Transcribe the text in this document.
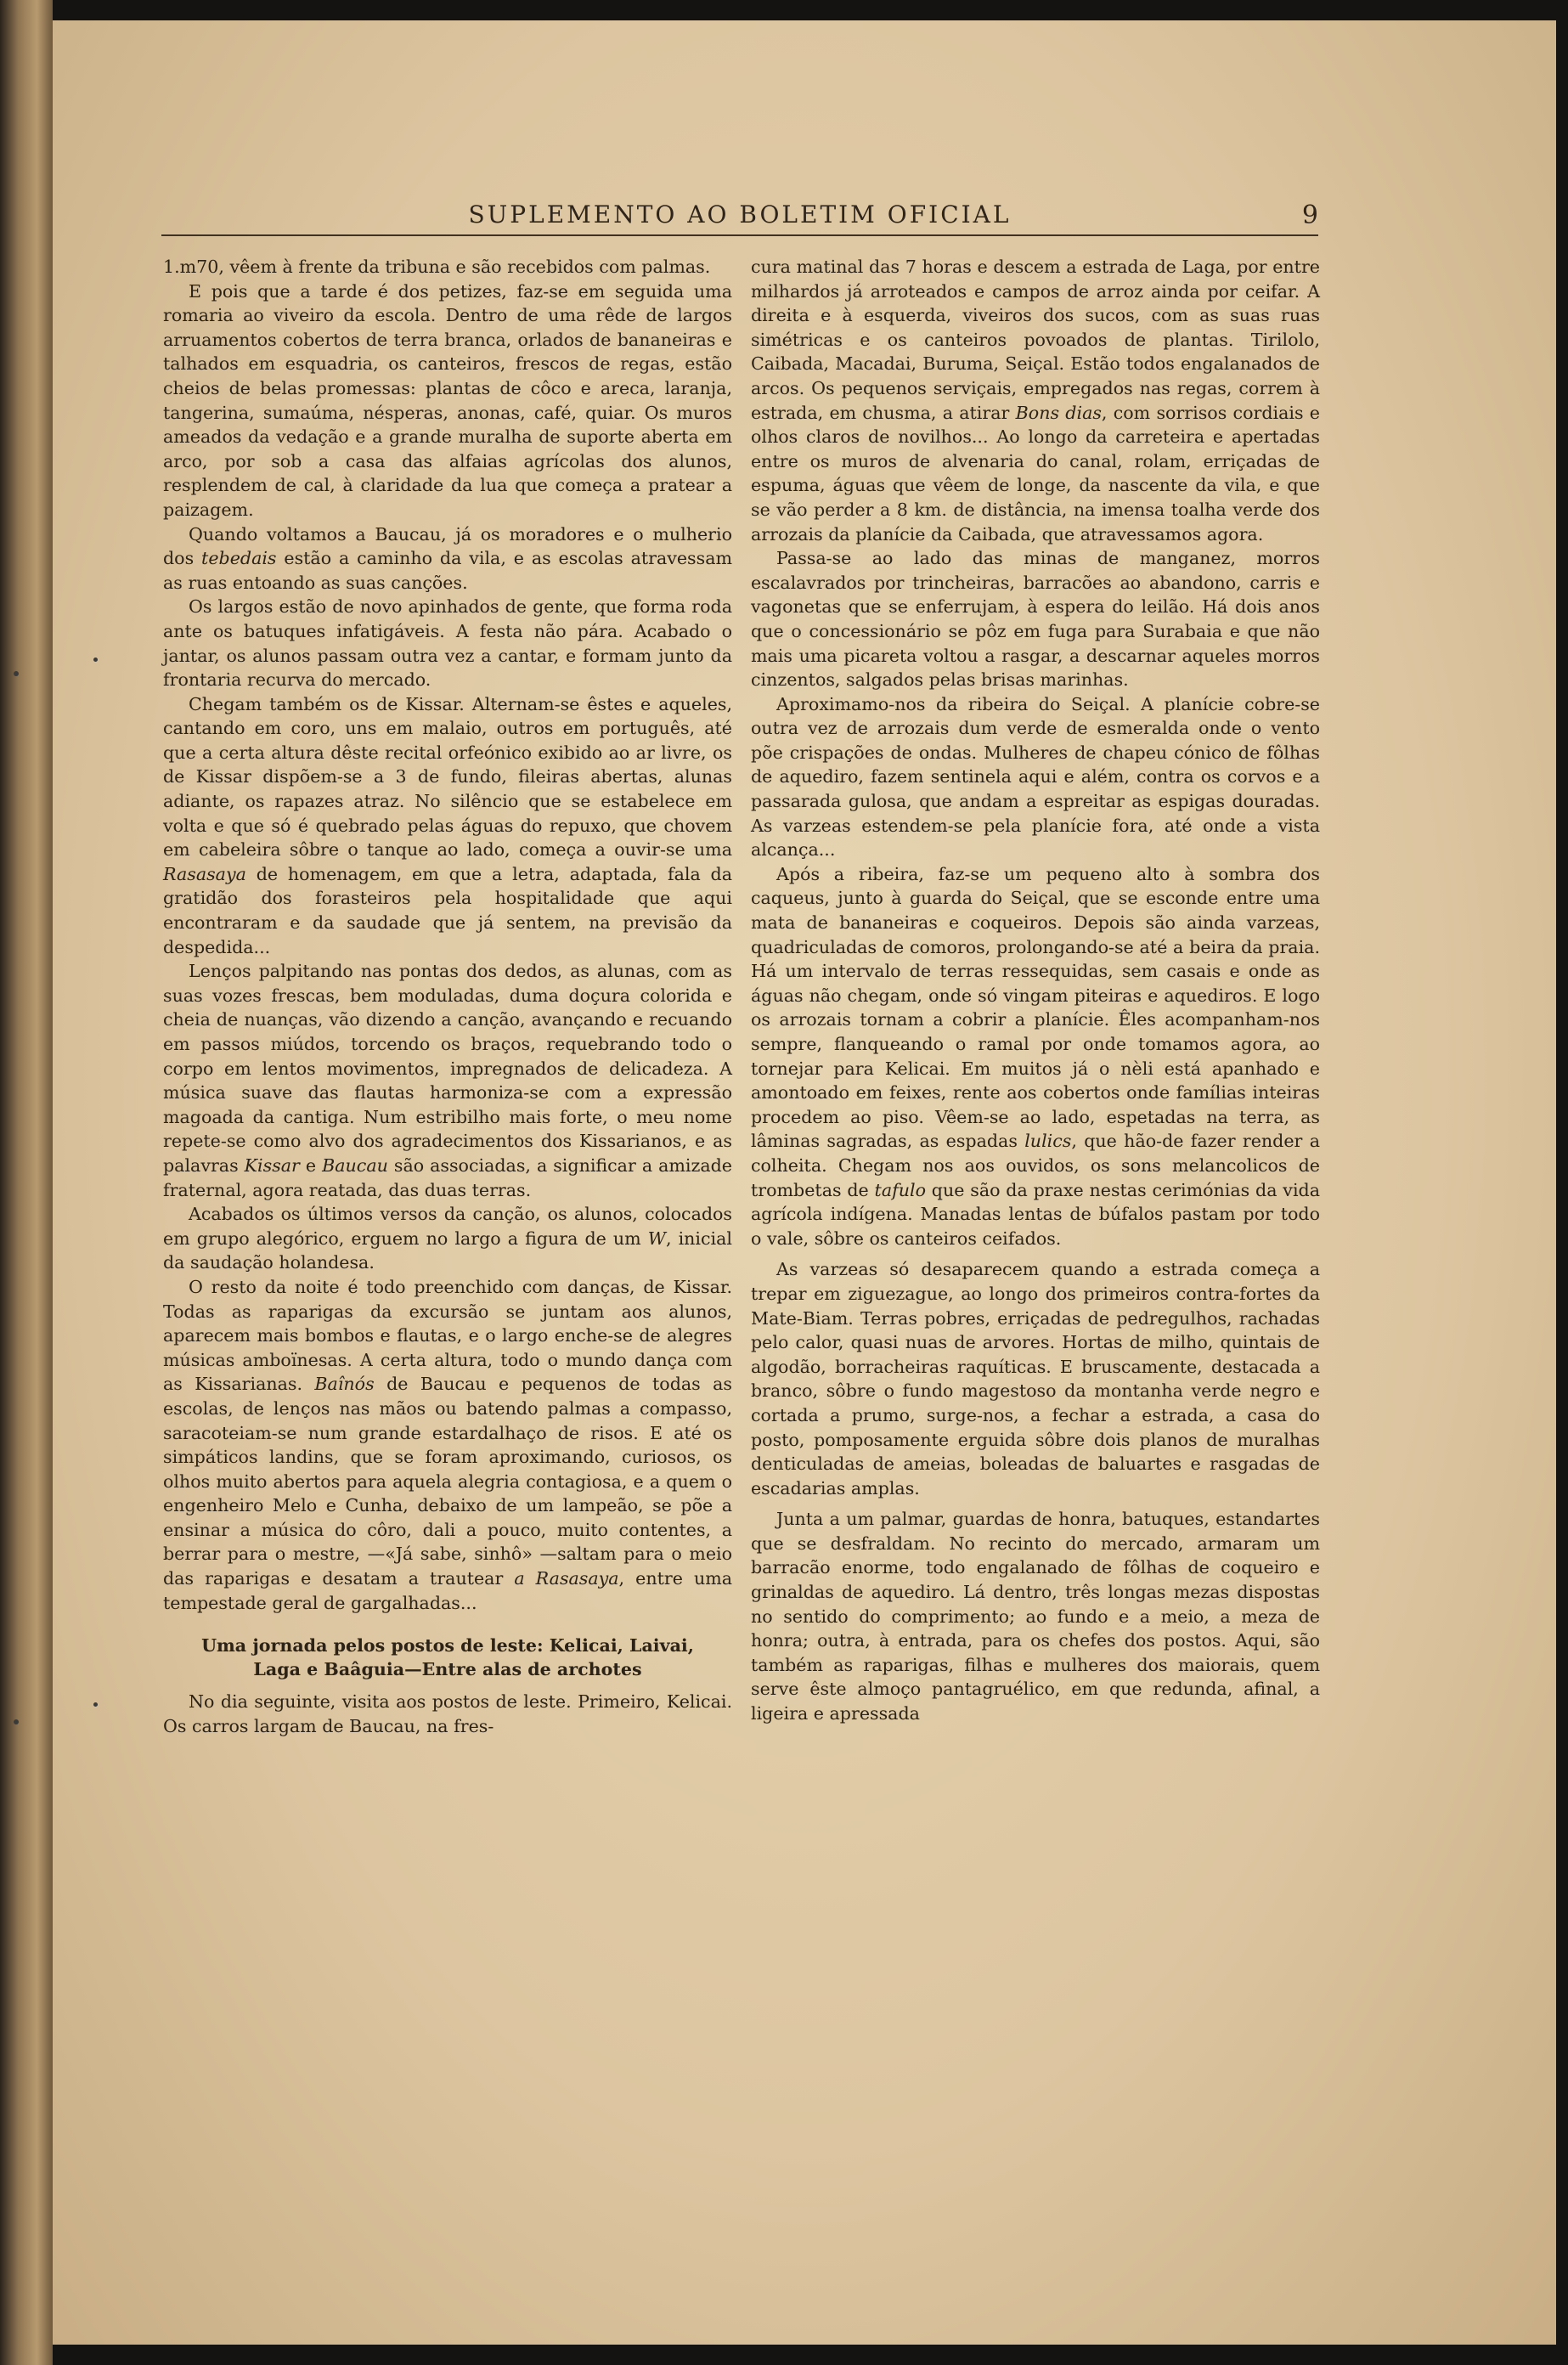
SUPLEMENTO AO BOLETIM OFICIAL	9

1.m70, vêem à frente da tribuna e são recebidos com palmas.

E pois que a tarde é dos petizes, faz-se em seguida uma romaria ao viveiro da escola. Dentro de uma rêde de largos arruamentos cobertos de terra branca, orlados de bananeiras e talhados em esquadria, os canteiros, frescos de regas, estão cheios de belas promessas: plantas de côco e areca, laranja, tangerina, sumaúma, nésperas, anonas, café, quiar. Os muros ameados da vedação e a grande muralha de suporte aberta em arco, por sob a casa das alfaias agrícolas dos alunos, resplendem de cal, à claridade da lua que começa a pratear a paizagem.

Quando voltamos a Baucau, já os moradores e o mulherio dos tebedais estão a caminho da vila, e as escolas atravessam as ruas entoando as suas canções.

Os largos estão de novo apinhados de gente, que forma roda ante os batuques infatigáveis. A festa não pára. Acabado o jantar, os alunos passam outra vez a cantar, e formam junto da frontaria recurva do mercado.

Chegam também os de Kissar. Alternam-se êstes e aqueles, cantando em coro, uns em malaio, outros em português, até que a certa altura dêste recital orfeónico exibido ao ar livre, os de Kissar dispõem-se a 3 de fundo, fileiras abertas, alunas adiante, os rapazes atraz. No silêncio que se estabelece em volta e que só é quebrado pelas águas do repuxo, que chovem em cabeleira sôbre o tanque ao lado, começa a ouvir-se uma Rasasaya de homenagem, em que a letra, adaptada, fala da gratidão dos forasteiros pela hospitalidade que aqui encontraram e da saudade que já sentem, na previsão da despedida...

Lenços palpitando nas pontas dos dedos, as alunas, com as suas vozes frescas, bem moduladas, duma doçura colorida e cheia de nuanças, vão dizendo a canção, avançando e recuando em passos miúdos, torcendo os braços, requebrando todo o corpo em lentos movimentos, impregnados de delicadeza. A música suave das flautas harmoniza-se com a expressão magoada da cantiga. Num estribilho mais forte, o meu nome repete-se como alvo dos agradecimentos dos Kissarianos, e as palavras Kissar e Baucau são associadas, a significar a amizade fraternal, agora reatada, das duas terras.

Acabados os últimos versos da canção, os alunos, colocados em grupo alegórico, erguem no largo a figura de um W, inicial da saudação holandesa.

O resto da noite é todo preenchido com danças, de Kissar. Todas as raparigas da excursão se juntam aos alunos, aparecem mais bombos e flautas, e o largo enche-se de alegres músicas amboïnesas. A certa altura, todo o mundo dança com as Kissarianas. Baînós de Baucau e pequenos de todas as escolas, de lenços nas mãos ou batendo palmas a compasso, saracoteiam-se num grande estardalhaço de risos. E até os simpáticos landins, que se foram aproximando, curiosos, os olhos muito abertos para aquela alegria contagiosa, e a quem o engenheiro Melo e Cunha, debaixo de um lampeão, se põe a ensinar a música do côro, dali a pouco, muito contentes, a berrar para o mestre, —«Já sabe, sinhô» —saltam para o meio das raparigas e desatam a trautear a Rasasaya, entre uma tempestade geral de gargalhadas...

Uma jornada pelos postos de leste: Kelicai, Laivai, Laga e Baâguia—Entre alas de archotes

No dia seguinte, visita aos postos de leste. Primeiro, Kelicai. Os carros largam de Baucau, na fres-

cura matinal das 7 horas e descem a estrada de Laga, por entre milhardos já arroteados e campos de arroz ainda por ceifar. A direita e à esquerda, viveiros dos sucos, com as suas ruas simétricas e os canteiros povoados de plantas. Tirilolo, Caibada, Macadai, Buruma, Seiçal. Estão todos engalanados de arcos. Os pequenos serviçais, empregados nas regas, correm à estrada, em chusma, a atirar Bons dias, com sorrisos cordiais e olhos claros de novilhos... Ao longo da carreteira e apertadas entre os muros de alvenaria do canal, rolam, erriçadas de espuma, águas que vêem de longe, da nascente da vila, e que se vão perder a 8 km. de distância, na imensa toalha verde dos arrozais da planície da Caibada, que atravessamos agora.

Passa-se ao lado das minas de manganez, morros escalavrados por trincheiras, barracões ao abandono, carris e vagonetas que se enferrujam, à espera do leilão. Há dois anos que o concessionário se pôz em fuga para Surabaia e que não mais uma picareta voltou a rasgar, a descarnar aqueles morros cinzentos, salgados pelas brisas marinhas.

Aproximamo-nos da ribeira do Seiçal. A planície cobre-se outra vez de arrozais dum verde de esmeralda onde o vento põe crispações de ondas. Mulheres de chapeu cónico de fôlhas de aquediro, fazem sentinela aqui e além, contra os corvos e a passarada gulosa, que andam a espreitar as espigas douradas. As varzeas estendem-se pela planície fora, até onde a vista alcança...

Após a ribeira, faz-se um pequeno alto à sombra dos caqueus, junto à guarda do Seiçal, que se esconde entre uma mata de bananeiras e coqueiros. Depois são ainda varzeas, quadriculadas de comoros, prolongando-se até a beira da praia. Há um intervalo de terras ressequidas, sem casais e onde as águas não chegam, onde só vingam piteiras e aquediros. E logo os arrozais tornam a cobrir a planície. Êles acompanham-nos sempre, flanqueando o ramal por onde tomamos agora, ao tornejar para Kelicai. Em muitos já o nèli está apanhado e amontoado em feixes, rente aos cobertos onde famílias inteiras procedem ao piso. Vêem-se ao lado, espetadas na terra, as lâminas sagradas, as espadas lulics, que hão-de fazer render a colheita. Chegam nos aos ouvidos, os sons melancolicos de trombetas de tafulo que são da praxe nestas cerimónias da vida agrícola indígena. Manadas lentas de búfalos pastam por todo o vale, sôbre os canteiros ceifados.

As varzeas só desaparecem quando a estrada começa a trepar em ziguezague, ao longo dos primeiros contra-fortes da Mate-Biam. Terras pobres, erriçadas de pedregulhos, rachadas pelo calor, quasi nuas de arvores. Hortas de milho, quintais de algodão, borracheiras raquíticas. E bruscamente, destacada a branco, sôbre o fundo magestoso da montanha verde negro e cortada a prumo, surge-nos, a fechar a estrada, a casa do posto, pomposamente erguida sôbre dois planos de muralhas denticuladas de ameias, boleadas de baluartes e rasgadas de escadarias amplas.

Junta a um palmar, guardas de honra, batuques, estandartes que se desfraldam. No recinto do mercado, armaram um barracão enorme, todo engalanado de fôlhas de coqueiro e grinaldas de aquediro. Lá dentro, três longas mezas dispostas no sentido do comprimento; ao fundo e a meio, a meza de honra; outra, à entrada, para os chefes dos postos. Aqui, são também as raparigas, filhas e mulheres dos maiorais, quem serve êste almoço pantagruélico, em que redunda, afinal, a ligeira e apressada
